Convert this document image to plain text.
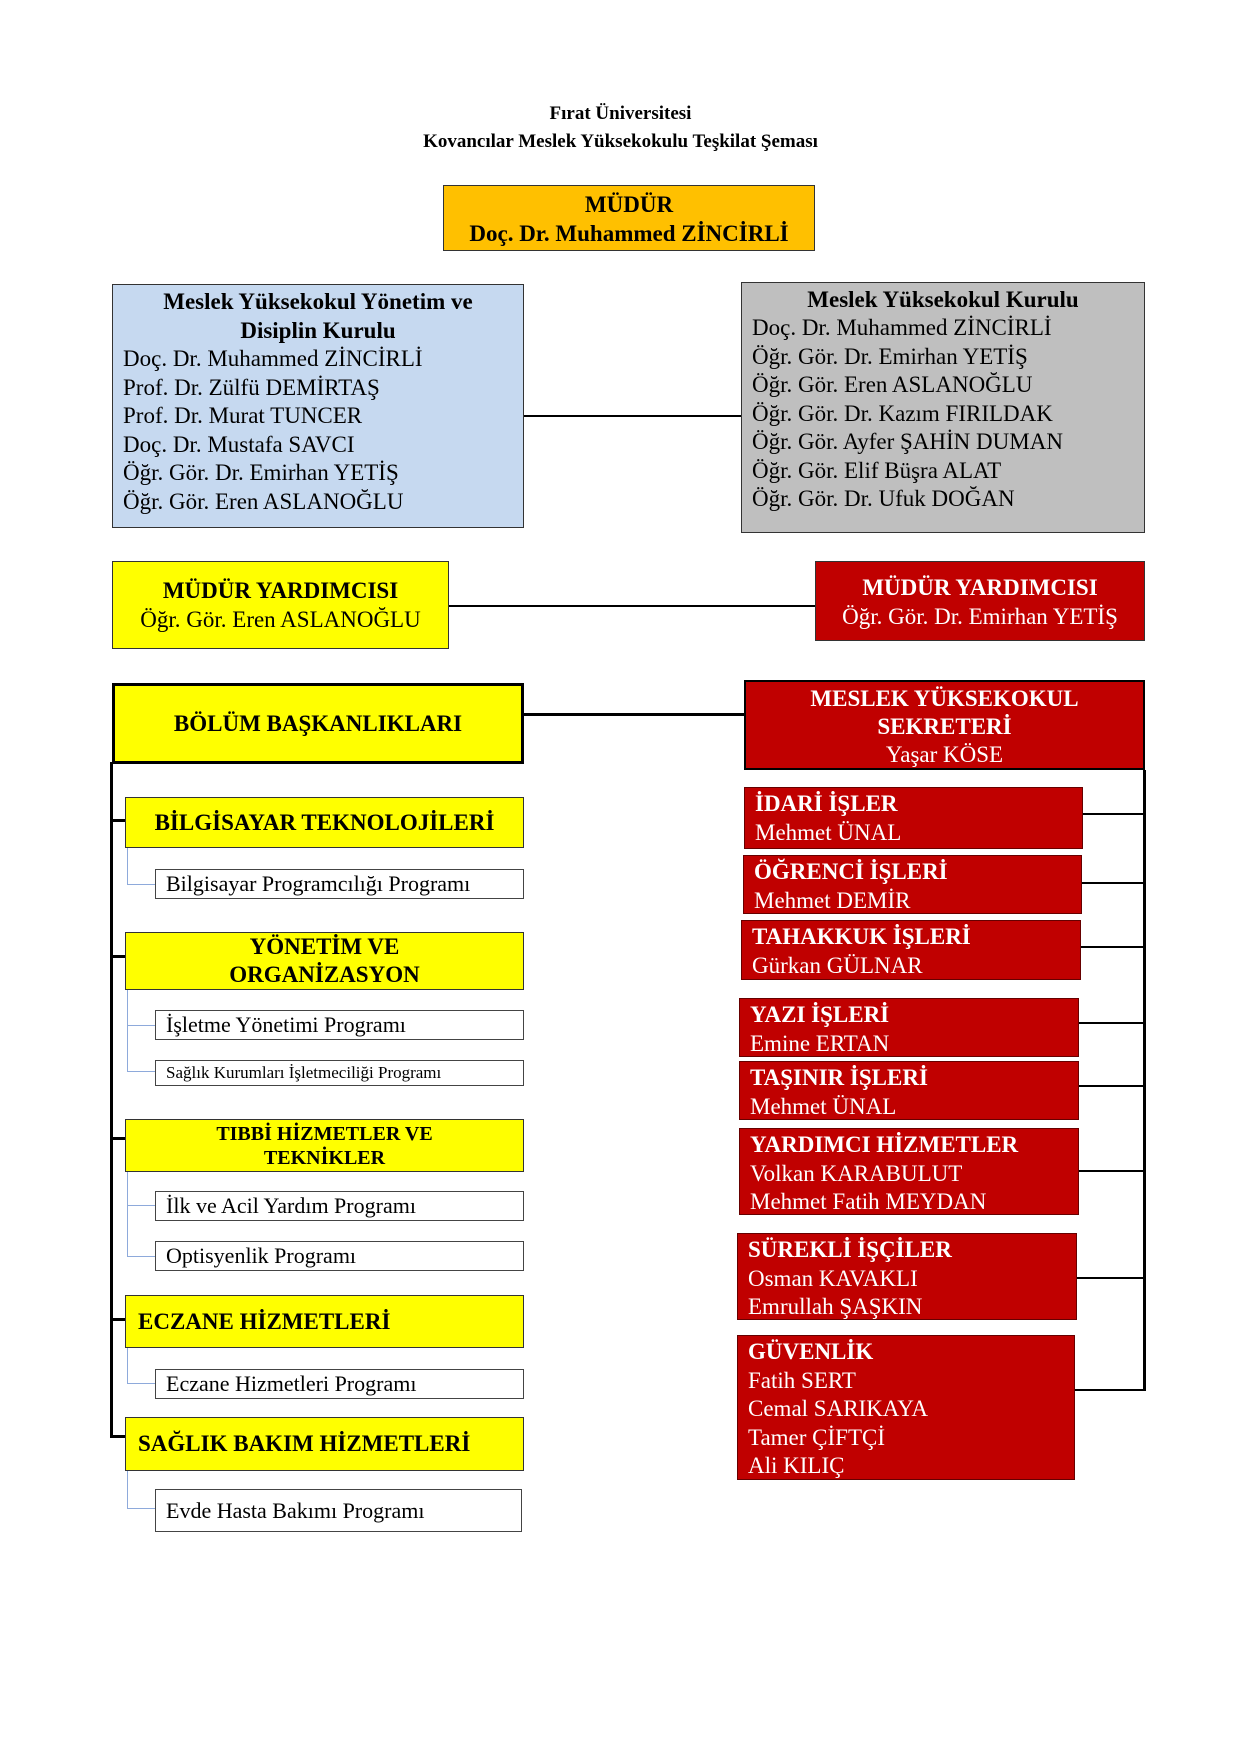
Fırat Üniversitesi
Kovancılar Meslek Yüksekokulu Teşkilat Şeması
MÜDÜR
Doç. Dr. Muhammed ZİNCİRLİ
Meslek Yüksekokul Yönetim ve
Disiplin Kurulu
Doç. Dr. Muhammed ZİNCİRLİ
Prof. Dr. Zülfü DEMİRTAŞ
Prof. Dr. Murat TUNCER
Doç. Dr. Mustafa SAVCI
Öğr. Gör. Dr. Emirhan YETİŞ
Öğr. Gör. Eren ASLANOĞLU
Meslek Yüksekokul Kurulu
Doç. Dr. Muhammed ZİNCİRLİ
Öğr. Gör. Dr. Emirhan YETİŞ
Öğr. Gör. Eren ASLANOĞLU
Öğr. Gör. Dr. Kazım FIRILDAK
Öğr. Gör. Ayfer ŞAHİN DUMAN
Öğr. Gör. Elif Büşra ALAT
Öğr. Gör. Dr. Ufuk DOĞAN
MÜDÜR YARDIMCISI
Öğr. Gör. Eren ASLANOĞLU
MÜDÜR YARDIMCISI
Öğr. Gör. Dr. Emirhan YETİŞ
BÖLÜM BAŞKANLIKLARI
MESLEK YÜKSEKOKUL
SEKRETERİ
Yaşar KÖSE
BİLGİSAYAR TEKNOLOJİLERİ
Bilgisayar Programcılığı Programı
YÖNETİM VE
ORGANİZASYON
İşletme Yönetimi Programı
Sağlık Kurumları İşletmeciliği Programı
TIBBİ HİZMETLER VE
TEKNİKLER
İlk ve Acil Yardım Programı
Optisyenlik Programı
ECZANE HİZMETLERİ
Eczane Hizmetleri Programı
SAĞLIK BAKIM HİZMETLERİ
Evde Hasta Bakımı Programı
İDARİ İŞLER
Mehmet ÜNAL
ÖĞRENCİ İŞLERİ
Mehmet DEMİR
TAHAKKUK İŞLERİ
Gürkan GÜLNAR
YAZI İŞLERİ
Emine ERTAN
TAŞINIR İŞLERİ
Mehmet ÜNAL
YARDIMCI HİZMETLER
Volkan KARABULUT
Mehmet Fatih MEYDAN
SÜREKLİ İŞÇİLER
Osman KAVAKLI
Emrullah ŞAŞKIN
GÜVENLİK
Fatih SERT
Cemal SARIKAYA
Tamer ÇİFTÇİ
Ali KILIÇ
